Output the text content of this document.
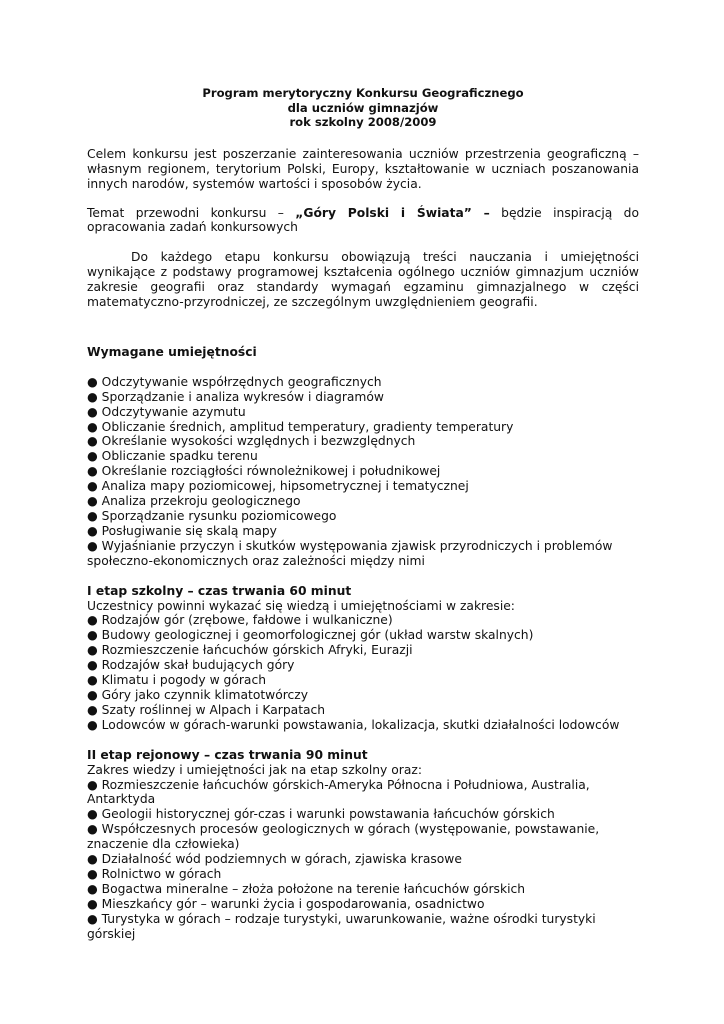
Program merytoryczny Konkursu Geograficznego
dla uczniów gimnazjów
rok szkolny 2008/2009

Celem konkursu jest poszerzanie zainteresowania uczniów przestrzenia geograficzną – własnym regionem, terytorium Polski, Europy, kształtowanie w uczniach poszanowania innych narodów, systemów wartości i sposobów życia.

Temat przewodni konkursu – „Góry Polski i Świata” – będzie inspiracją do opracowania zadań konkursowych

Do każdego etapu konkursu obowiązują treści nauczania i umiejętności wynikające z podstawy programowej kształcenia ogólnego uczniów gimnazjum uczniów zakresie geografii oraz standardy wymagań egzaminu gimnazjalnego w części matematyczno-przyrodniczej, ze szczególnym uwzględnieniem geografii.

Wymagane umiejętności

● Odczytywanie współrzędnych geograficznych
● Sporządzanie i analiza wykresów i diagramów
● Odczytywanie azymutu
● Obliczanie średnich, amplitud temperatury, gradienty temperatury
● Określanie wysokości względnych i bezwzględnych
● Obliczanie spadku terenu
● Określanie rozciągłości równoleżnikowej i południkowej
● Analiza mapy poziomicowej, hipsometrycznej i tematycznej
● Analiza przekroju geologicznego
● Sporządzanie rysunku poziomicowego
● Posługiwanie się skalą mapy
● Wyjaśnianie przyczyn i skutków występowania zjawisk przyrodniczych i problemów społeczno-ekonomicznych oraz zależności między nimi

I etap szkolny – czas trwania 60 minut

Uczestnicy powinni wykazać się wiedzą i umiejętnościami w zakresie:

● Rodzajów gór (zrębowe, fałdowe i wulkaniczne)
● Budowy geologicznej i geomorfologicznej gór (układ warstw skalnych)
● Rozmieszczenie łańcuchów górskich Afryki, Eurazji
● Rodzajów skał budujących góry
● Klimatu i pogody w górach
● Góry jako czynnik klimatotwórczy
● Szaty roślinnej w Alpach i Karpatach
● Lodowców w górach-warunki powstawania, lokalizacja, skutki działalności lodowców

II etap rejonowy – czas trwania 90 minut

Zakres wiedzy i umiejętności jak na etap szkolny oraz:

● Rozmieszczenie łańcuchów górskich-Ameryka Północna i Południowa, Australia, Antarktyda
● Geologii historycznej gór-czas i warunki powstawania łańcuchów górskich
● Współczesnych procesów geologicznych w górach (występowanie, powstawanie, znaczenie dla człowieka)
● Działalność wód podziemnych w górach, zjawiska krasowe
● Rolnictwo w górach
● Bogactwa mineralne – złoża położone na terenie łańcuchów górskich
● Mieszkańcy gór – warunki życia i gospodarowania, osadnictwo
● Turystyka w górach – rodzaje turystyki, uwarunkowanie, ważne ośrodki turystyki górskiej
